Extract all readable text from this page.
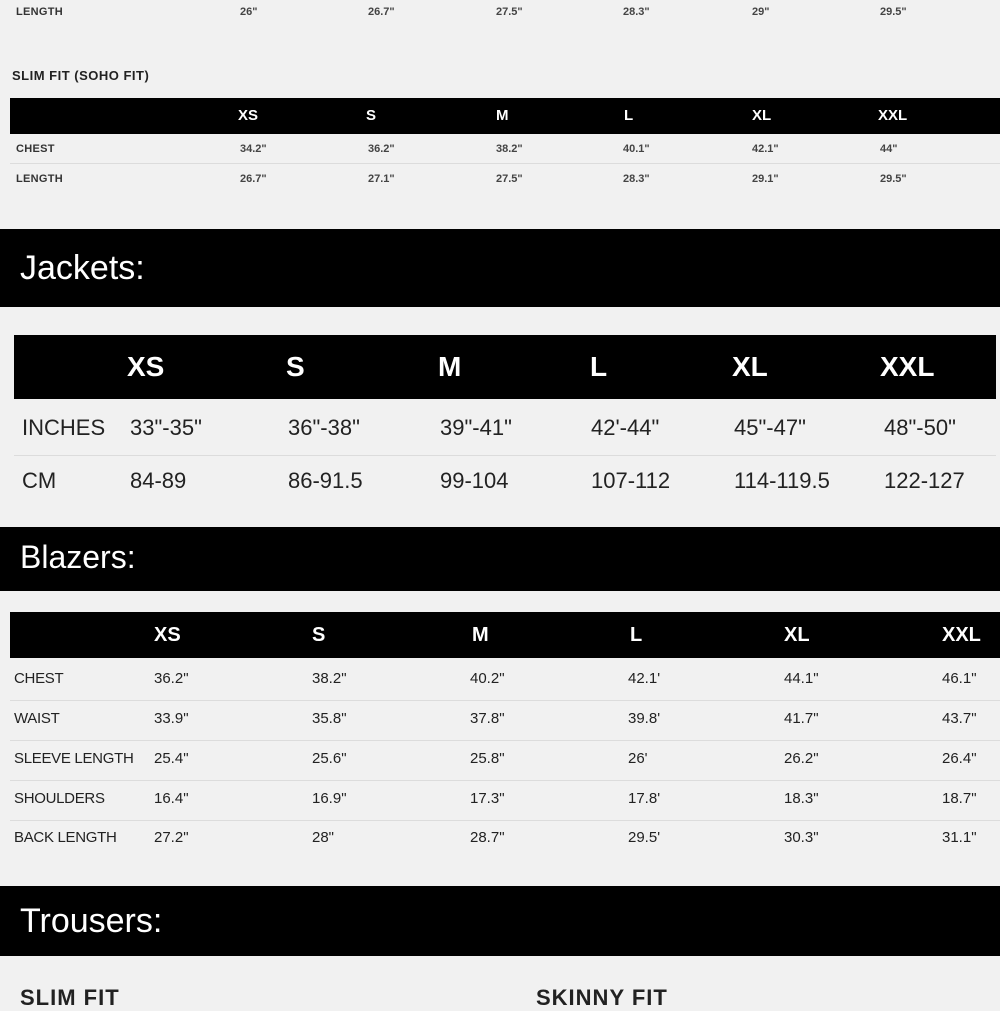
LENGTH	26"	26.7"	27.5"	28.3"	29"	29.5"
SLIM FIT (SOHO FIT)
XS	S	M	L	XL	XXL
CHEST	34.2"	36.2"	38.2"	40.1"	42.1"	44"
LENGTH	26.7"	27.1"	27.5"	28.3"	29.1"	29.5"
Jackets:
XS	S	M	L	XL	XXL
INCHES 33"-35"	36"-38"	39"-41"	42'-44"	45"-47"	48"-50"
CM	84-89	86-91.5	99-104	107-112	114-119.5 122-127
Blazers:
XS	S	M	L	XL	XXL
CHEST	36.2"	38.2"	40.2"	42.1'	44.1"	46.1"
WAIST	33.9"	35.8"	37.8"	39.8'	41.7"	43.7"
SLEEVE LENGTH 25.4"	25.6"	25.8"	26'	26.2"	26.4"
SHOULDERS	16.4"	16.9"	17.3"	17.8'	18.3"	18.7"
BACK LENGTH 27.2"	28"	28.7"	29.5'	30.3"	31.1"
Trousers:
SLIM FIT	SKINNY FIT
